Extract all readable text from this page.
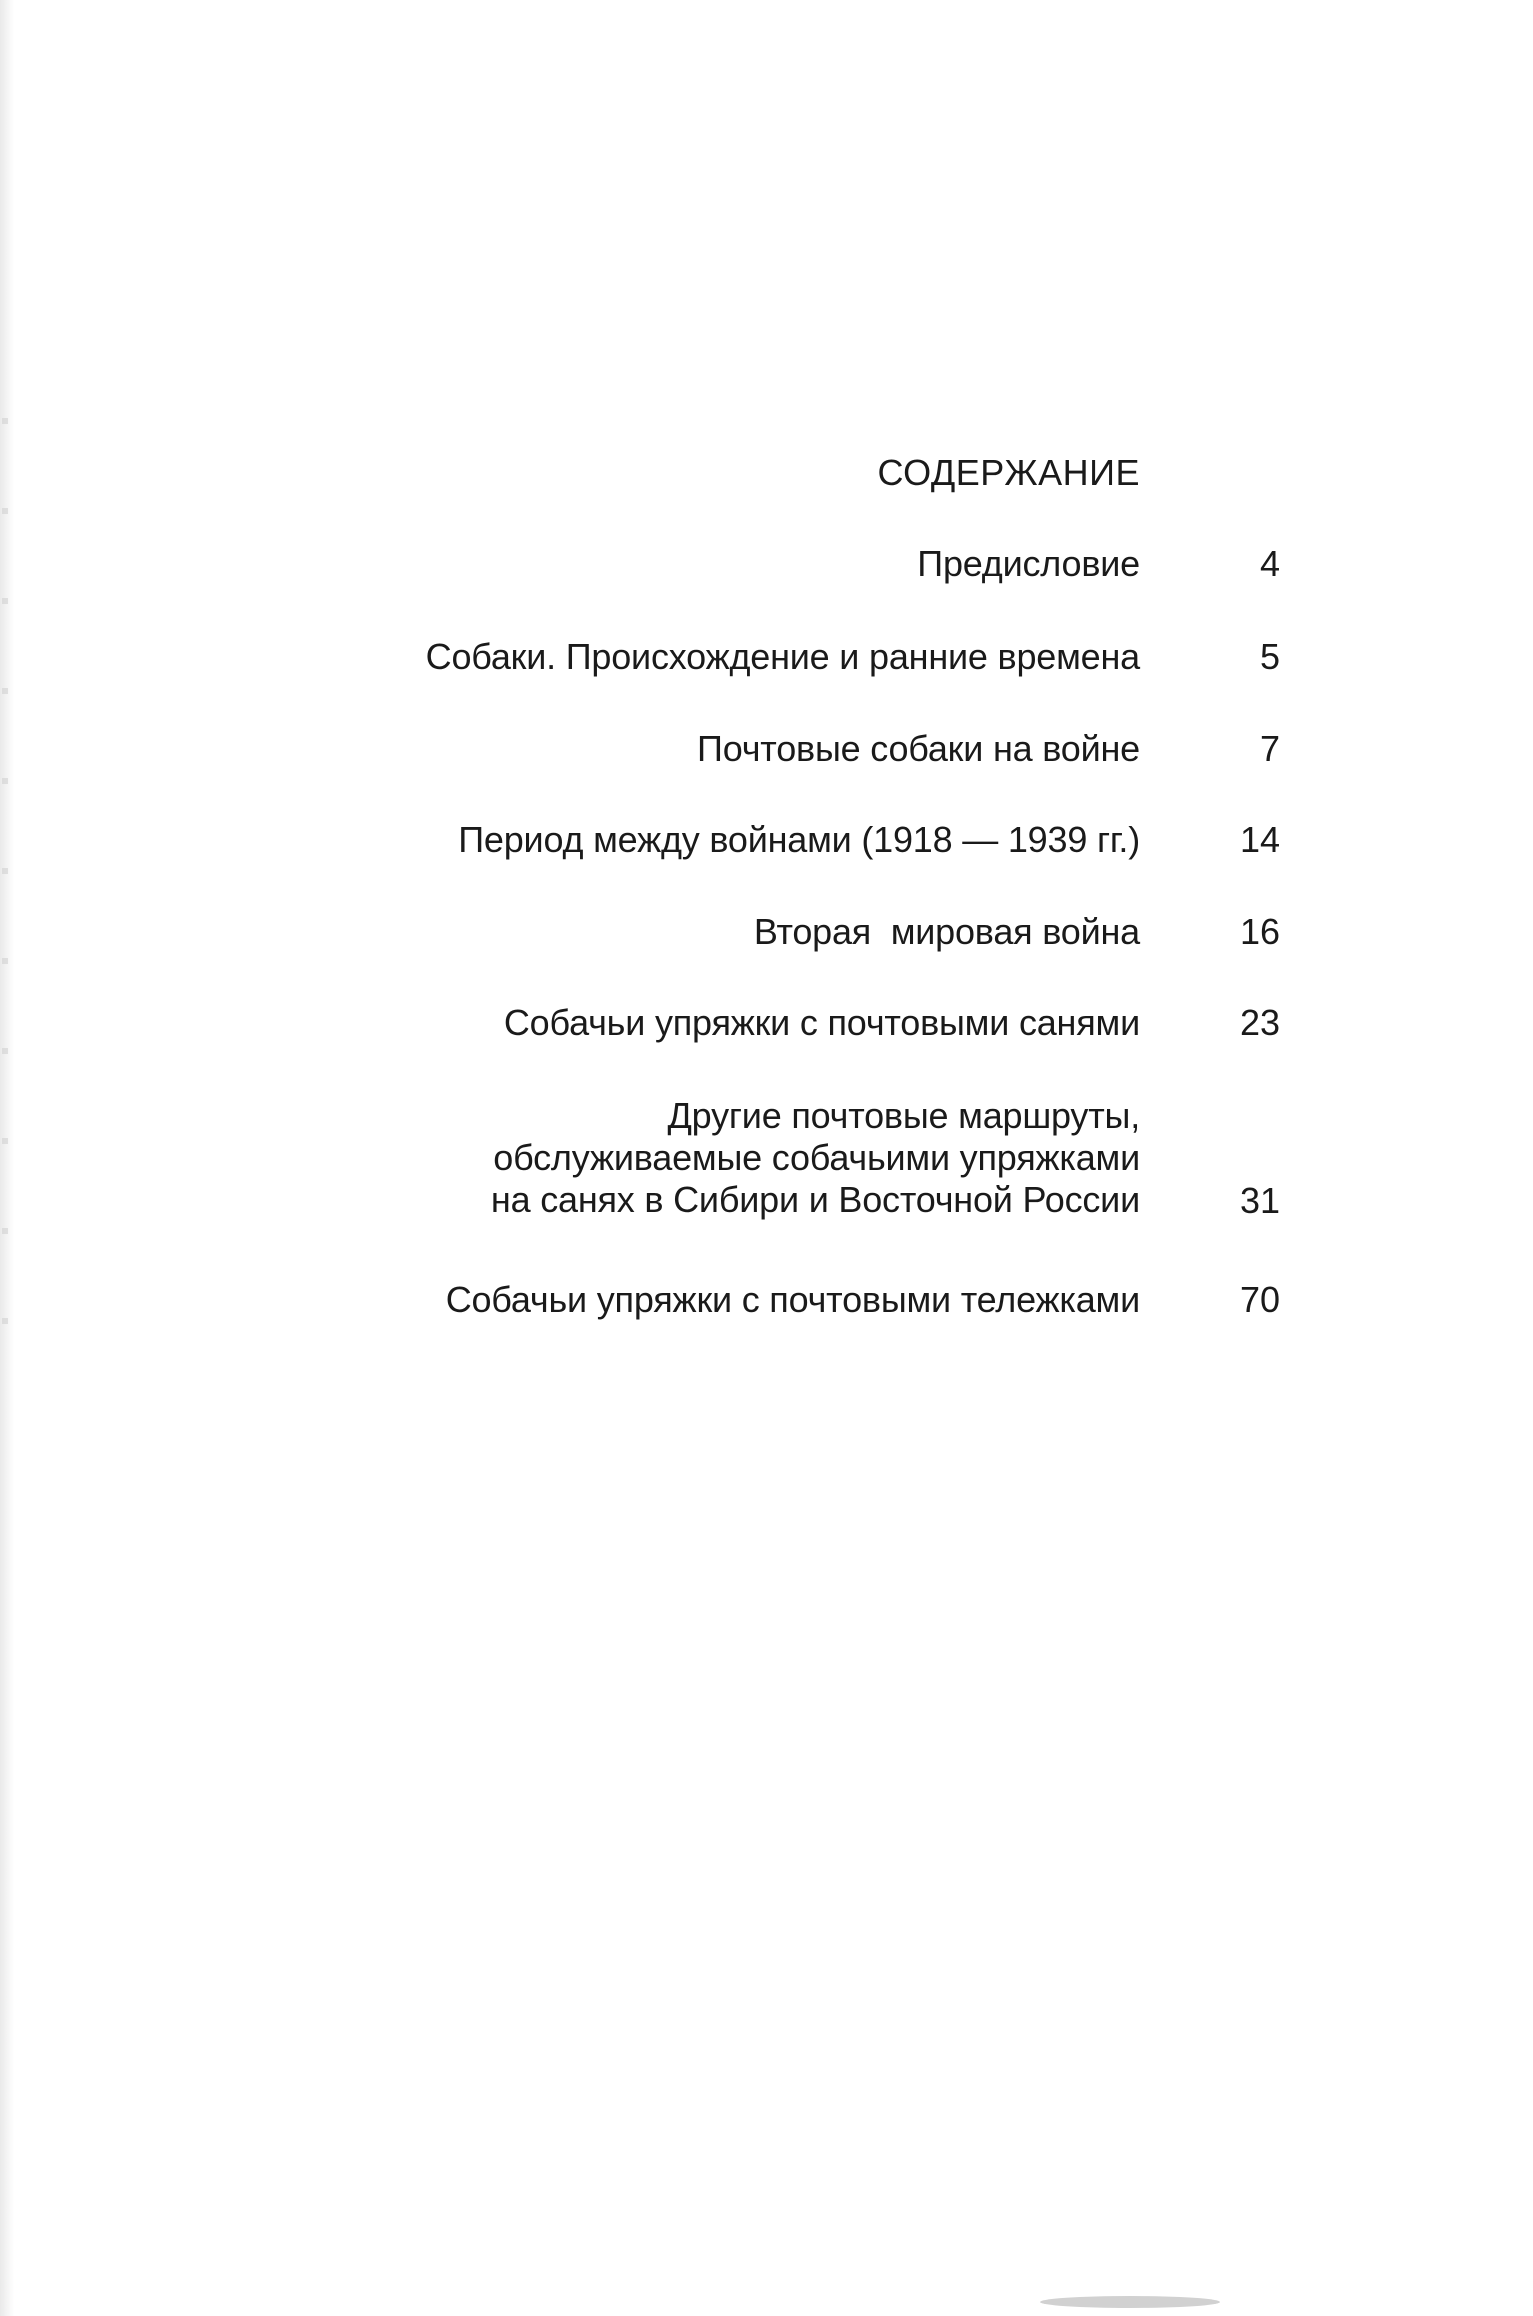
СОДЕРЖАНИЕ
Предисловие	4
Собаки. Происхождение и ранние времена	5
Почтовые собаки на войне	7
Период между войнами (1918 — 1939 гг.)	14
Вторая  мировая война	16
Собачьи упряжки с почтовыми санями	23
Другие почтовые маршруты,
обслуживаемые собачьими упряжками
на санях в Сибири и Восточной России	31
Собачьи упряжки с почтовыми тележками	70
